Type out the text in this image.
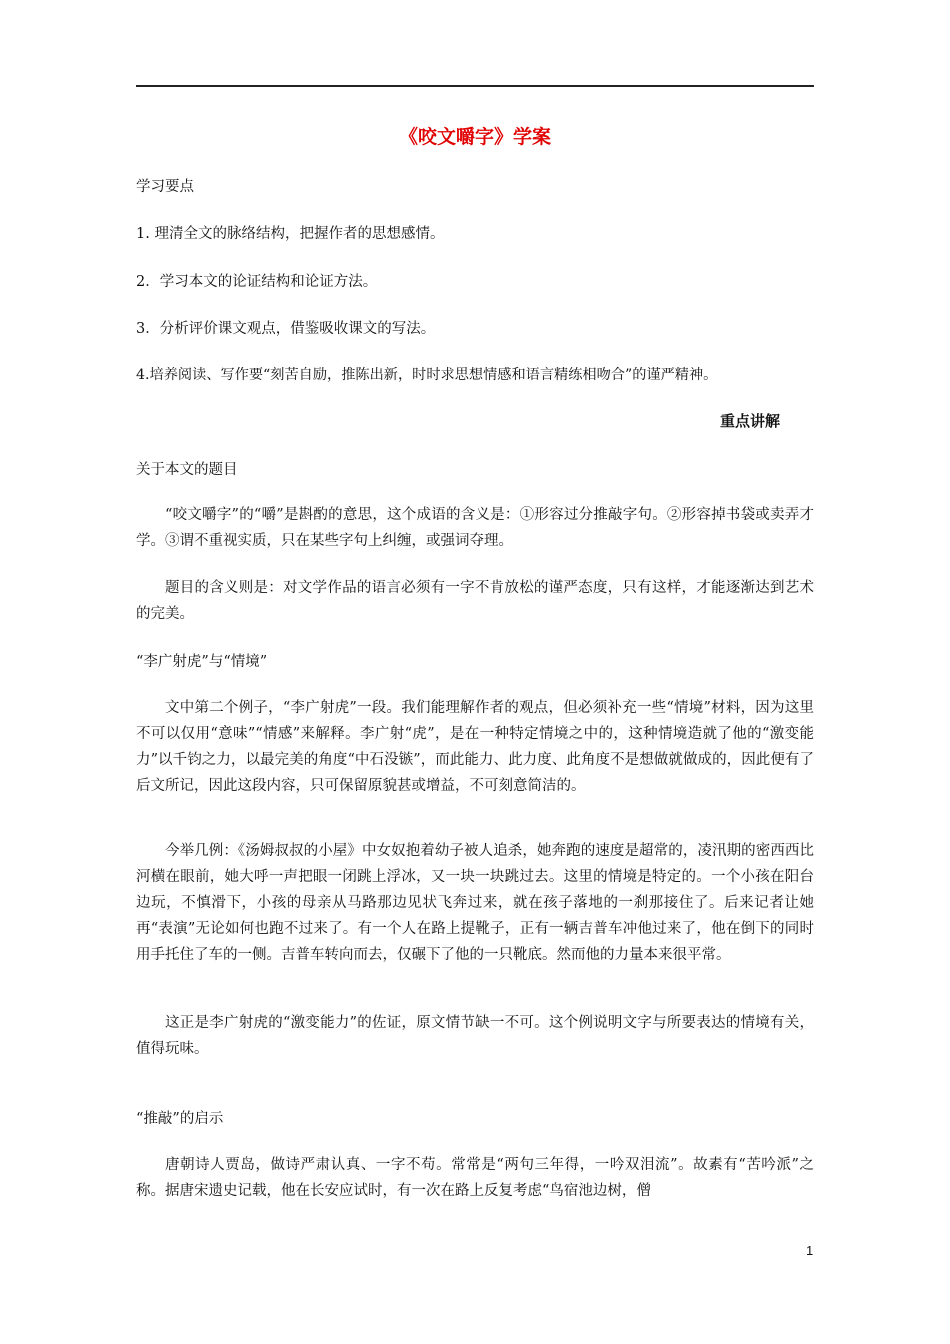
《咬文嚼字》学案
学习要点
1. 理清全文的脉络结构，把握作者的思想感情。
2．学习本文的论证结构和论证方法。
3．分析评价课文观点，借鉴吸收课文的写法。
4.培养阅读、写作要“刻苦自励，推陈出新，时时求思想情感和语言精练相吻合”的谨严精神。
重点讲解
关于本文的题目
“咬文嚼字”的“嚼”是斟酌的意思，这个成语的含义是：①形容过分推敲字句。②形容掉书袋或卖弄才学。③谓不重视实质，只在某些字句上纠缠，或强词夺理。
题目的含义则是：对文学作品的语言必须有一字不肯放松的谨严态度，只有这样，才能逐渐达到艺术的完美。
“李广射虎”与“情境”
文中第二个例子，“李广射虎”一段。我们能理解作者的观点，但必须补充一些“情境”材料，因为这里不可以仅用“意味”“情感”来解释。李广射“虎”，是在一种特定情境之中的，这种情境造就了他的“激变能力”以千钧之力，以最完美的角度“中石没镞”，而此能力、此力度、此角度不是想做就做成的，因此便有了后文所记，因此这段内容，只可保留原貌甚或增益，不可刻意简洁的。
今举几例：《汤姆叔叔的小屋》中女奴抱着幼子被人追杀，她奔跑的速度是超常的，凌汛期的密西西比河横在眼前，她大呼一声把眼一闭跳上浮冰，又一块一块跳过去。这里的情境是特定的。一个小孩在阳台边玩，不慎滑下，小孩的母亲从马路那边见状飞奔过来，就在孩子落地的一刹那接住了。后来记者让她再“表演”无论如何也跑不过来了。有一个人在路上提靴子，正有一辆吉普车冲他过来了，他在倒下的同时用手托住了车的一侧。吉普车转向而去，仅碾下了他的一只靴底。然而他的力量本来很平常。
这正是李广射虎的“激变能力”的佐证，原文情节缺一不可。这个例说明文字与所要表达的情境有关，值得玩味。
“推敲”的启示
唐朝诗人贾岛，做诗严肃认真、一字不苟。常常是“两句三年得，一吟双泪流”。故素有“苦吟派”之称。据唐宋遗史记载，他在长安应试时，有一次在路上反复考虑“鸟宿池边树，僧
1
